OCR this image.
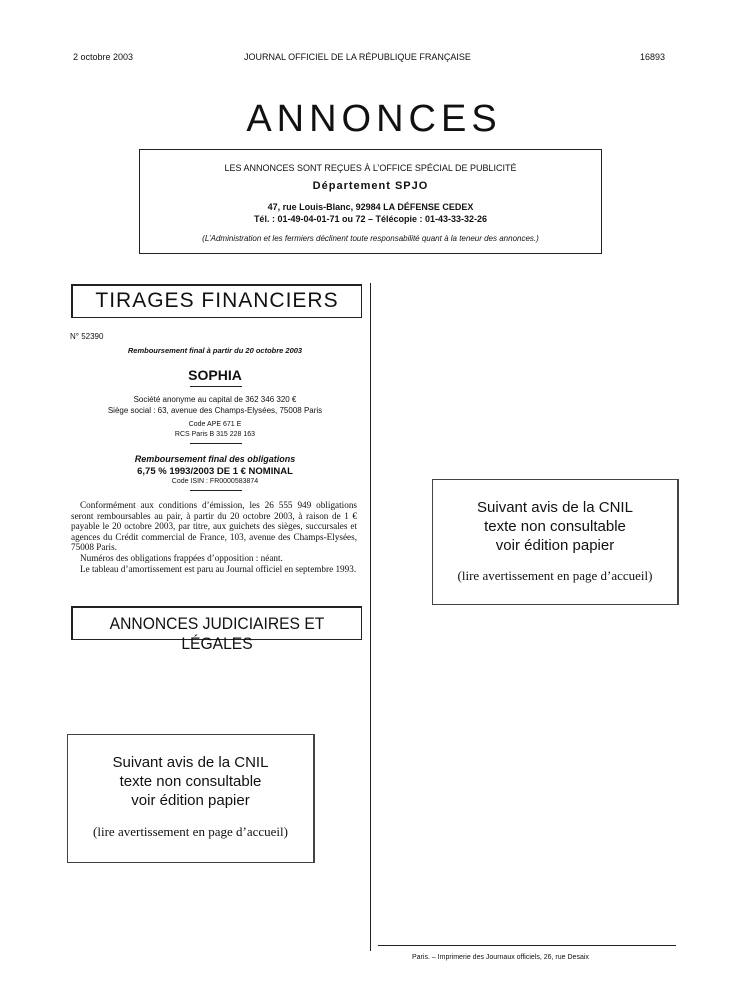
2 octobre 2003	JOURNAL OFFICIEL DE LA RÉPUBLIQUE FRANÇAISE	16893
ANNONCES
LES ANNONCES SONT REÇUES À L’OFFICE SPÉCIAL DE PUBLICITÉ
Département SPJO
47, rue Louis-Blanc, 92984 LA DÉFENSE CEDEX
Tél. : 01-49-04-01-71 ou 72 – Télécopie : 01-43-33-32-26
(L’Administration et les fermiers déclinent toute responsabilité quant à la teneur des annonces.)
TIRAGES FINANCIERS
N° 52390
Remboursement final à partir du 20 octobre 2003
SOPHIA
Société anonyme au capital de 362 346 320 €
Siège social : 63, avenue des Champs-Elysées, 75008 Paris
Code APE 671 E
RCS Paris B 315 228 163
Remboursement final des obligations
6,75 % 1993/2003 DE 1 € NOMINAL
Code ISIN : FR0000583874
Conformément aux conditions d’émission, les 26 555 949 obligations seront remboursables au pair, à partir du 20 octobre 2003, à raison de 1 € payable le 20 octobre 2003, par titre, aux guichets des sièges, succursales et agences du Crédit commercial de France, 103, avenue des Champs-Elysées, 75008 Paris.
Numéros des obligations frappées d’opposition : néant.
Le tableau d’amortissement est paru au Journal officiel en septembre 1993.
ANNONCES JUDICIAIRES ET LÉGALES
Suivant avis de la CNIL
texte non consultable
voir édition papier
(lire avertissement en page d’accueil)
Suivant avis de la CNIL
texte non consultable
voir édition papier
(lire avertissement en page d’accueil)
Paris. – Imprimerie des Journaux officiels, 26, rue Desaix
